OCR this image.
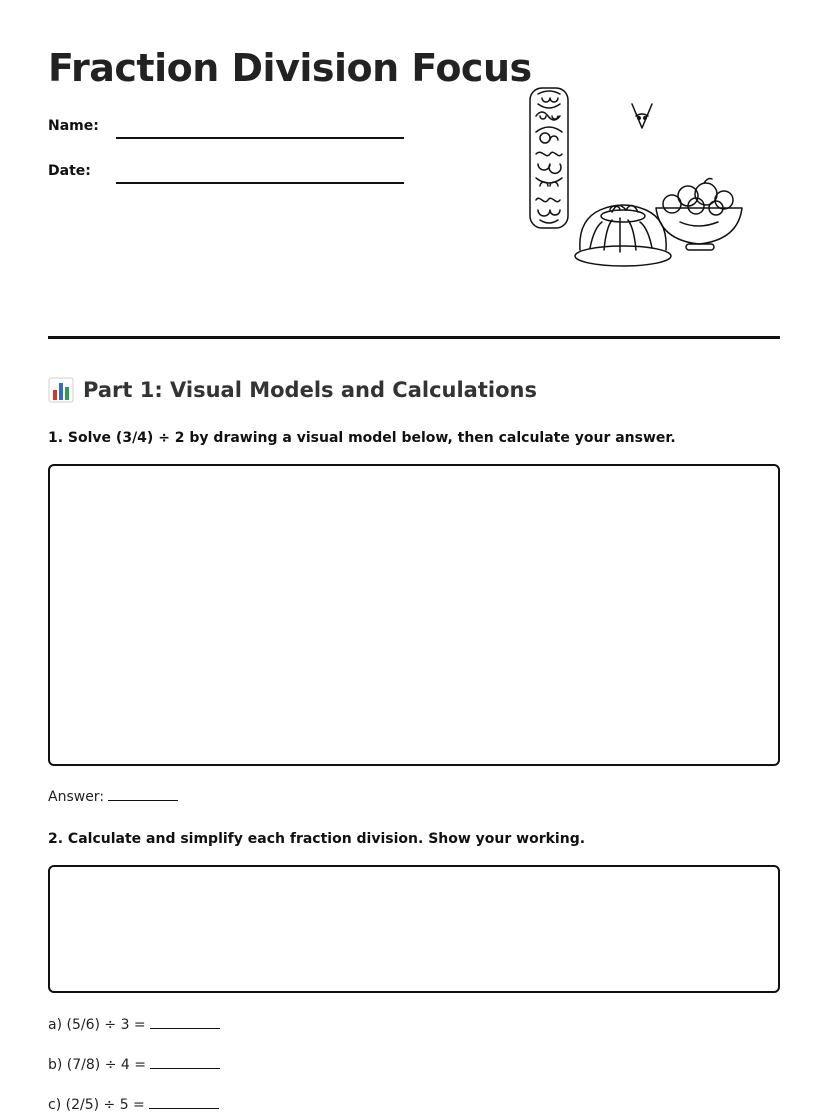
Fraction Division Focus
Name:
Date:
Part 1: Visual Models and Calculations
1. Solve (3/4) ÷ 2 by drawing a visual model below, then calculate your answer.
Answer:
2. Calculate and simplify each fraction division. Show your working.
a) (5/6) ÷ 3 =
b) (7/8) ÷ 4 =
c) (2/5) ÷ 5 =
